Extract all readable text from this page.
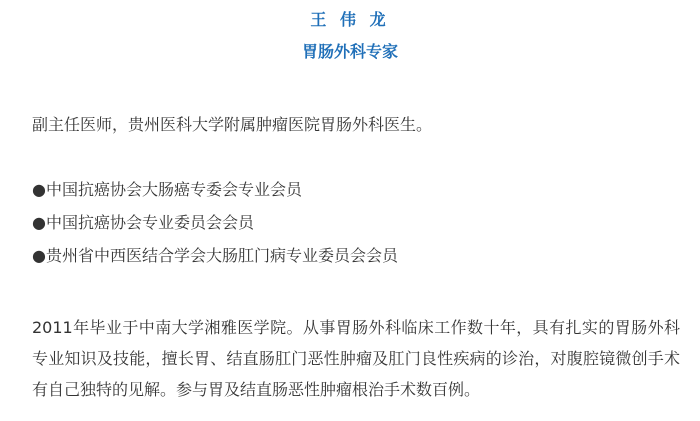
王 伟 龙
胃肠外科专家
副主任医师，贵州医科大学附属肿瘤医院胃肠外科医生。
●中国抗癌协会大肠癌专委会专业会员
●中国抗癌协会专业委员会会员
●贵州省中西医结合学会大肠肛门病专业委员会会员
2011年毕业于中南大学湘雅医学院。从事胃肠外科临床工作数十年，具有扎实的胃肠外科专业知识及技能，擅长胃、结直肠肛门恶性肿瘤及肛门良性疾病的诊治，对腹腔镜微创手术有自己独特的见解。参与胃及结直肠恶性肿瘤根治手术数百例。
